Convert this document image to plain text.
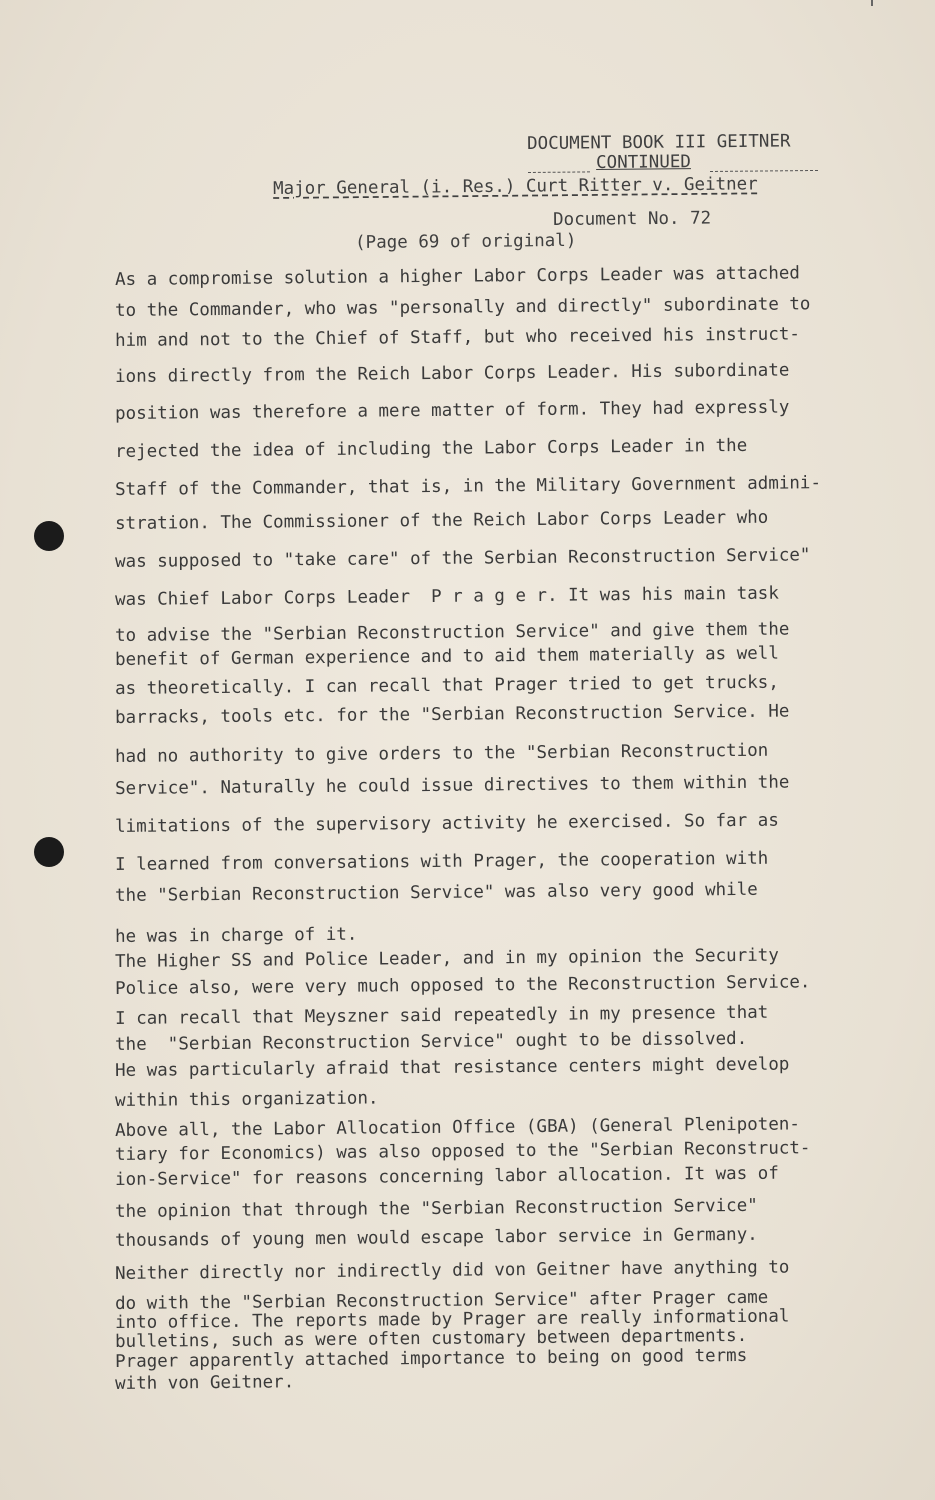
DOCUMENT BOOK III GEITNER

CONTINUED

Major General (i. Res.) Curt Ritter v. Geitner

Document No. 72

(Page 69 of original)

As a compromise solution a higher Labor Corps Leader was attached

to the Commander, who was "personally and directly" subordinate to

him and not to the Chief of Staff, but who received his instruct-

ions directly from the Reich Labor Corps Leader. His subordinate

position was therefore a mere matter of form. They had expressly

rejected the idea of including the Labor Corps Leader in the

Staff of the Commander, that is, in the Military Government admini-

stration. The Commissioner of the Reich Labor Corps Leader who

was supposed to "take care" of the Serbian Reconstruction Service"

was Chief Labor Corps Leader  P r a g e r. It was his main task

to advise the "Serbian Reconstruction Service" and give them the

benefit of German experience and to aid them materially as well

as theoretically. I can recall that Prager tried to get trucks,

barracks, tools etc. for the "Serbian Reconstruction Service. He

had no authority to give orders to the "Serbian Reconstruction

Service". Naturally he could issue directives to them within the

limitations of the supervisory activity he exercised. So far as

I learned from conversations with Prager, the cooperation with

the "Serbian Reconstruction Service" was also very good while

he was in charge of it.

The Higher SS and Police Leader, and in my opinion the Security

Police also, were very much opposed to the Reconstruction Service.

I can recall that Meyszner said repeatedly in my presence that

the  "Serbian Reconstruction Service" ought to be dissolved.

He was particularly afraid that resistance centers might develop

within this organization.

Above all, the Labor Allocation Office (GBA) (General Plenipoten-

tiary for Economics) was also opposed to the "Serbian Reconstruct-

ion-Service" for reasons concerning labor allocation. It was of

the opinion that through the "Serbian Reconstruction Service"

thousands of young men would escape labor service in Germany.

Neither directly nor indirectly did von Geitner have anything to

do with the "Serbian Reconstruction Service" after Prager came

into office. The reports made by Prager are really informational

bulletins, such as were often customary between departments.

Prager apparently attached importance to being on good terms

with von Geitner.
